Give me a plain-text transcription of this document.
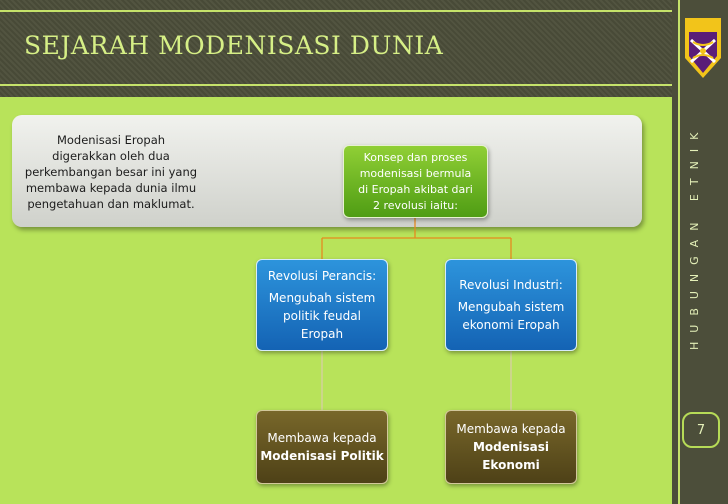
SEJARAH MODENISASI DUNIA
HUBUNGAN ETNIK
7
Modenisasi Eropah
digerakkan oleh dua
perkembangan besar ini yang
membawa kepada dunia ilmu
pengetahuan dan maklumat.
Konsep dan proses
modenisasi bermula
di Eropah akibat dari
2 revolusi iaitu:
Revolusi Perancis:
Mengubah sistem
politik feudal Eropah
Revolusi Industri:
Mengubah sistem
ekonomi Eropah
Membawa kepada
Modenisasi Politik
Membawa kepada
Modenisasi Ekonomi
